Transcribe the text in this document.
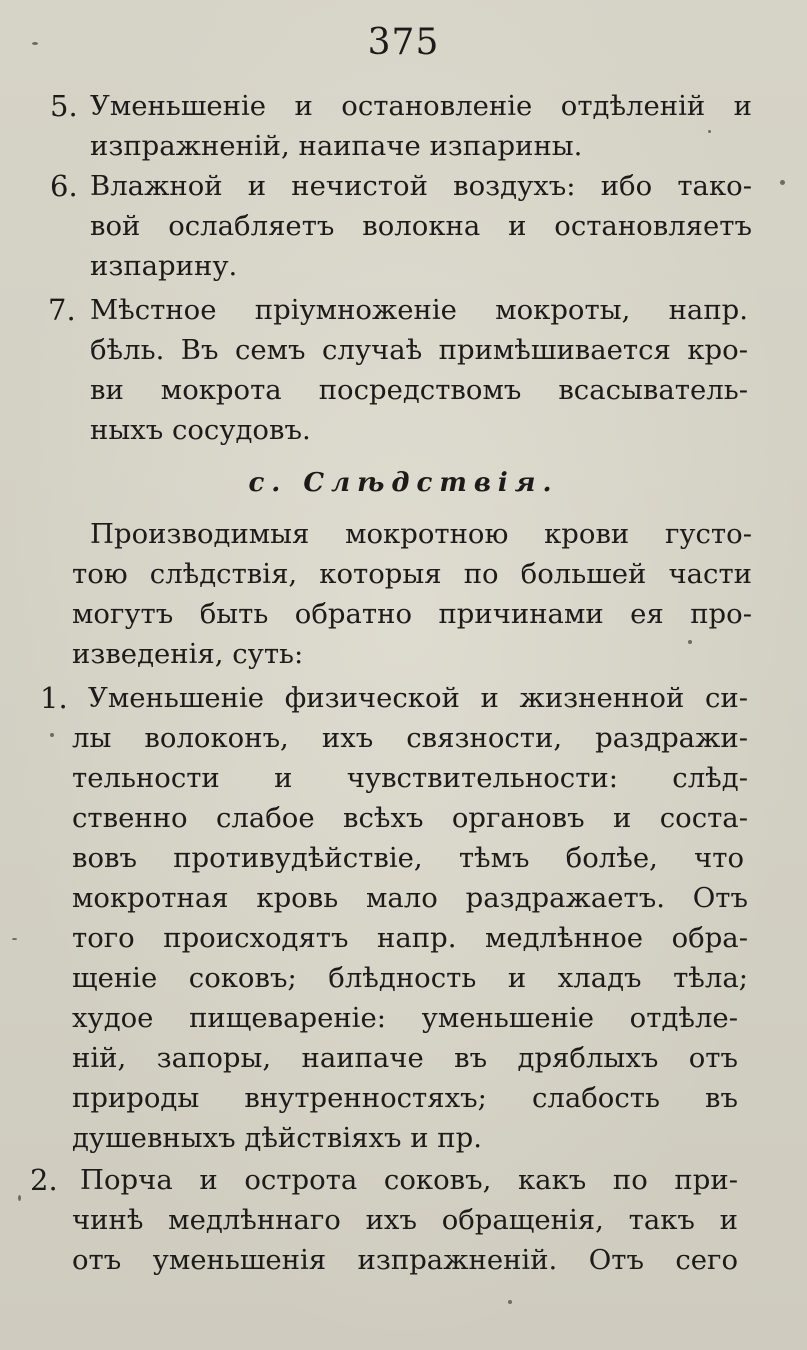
375
5. Уменьшеніе и остановленіе отдѣленій и
изпражненій, наипаче изпарины.
6. Влажной и нечистой воздухъ: ибо тако-
вой ослабляетъ волокна и остановляетъ
изпарину.
7. Мѣстное пріумноженіе мокроты, напр.
бѣль. Въ семъ случаѣ примѣшивается кро-
ви мокрота посредствомъ всасыватель-
ныхъ сосудовъ.
c. Слѣдствія.
Производимыя мокротною крови густо-
тою слѣдствія, которыя по большей части
могутъ быть обратно причинами ея про-
изведенія, суть:
1. Уменьшеніе физической и жизненной си-
лы волоконъ, ихъ связности, раздражи-
тельности и чувствительности: слѣд-
ственно слабое всѣхъ органовъ и соста-
вовъ противудѣйствіе, тѣмъ болѣе, что
мокротная кровь мало раздражаетъ. Отъ
того происходятъ напр. медлѣнное обра-
щеніе соковъ; блѣдность и хладъ тѣла;
худое пищевареніе: уменьшеніе отдѣле-
ній, запоры, наипаче въ дряблыхъ отъ
природы внутренностяхъ; слабость въ
душевныхъ дѣйствіяхъ и пр.
2. Порча и острота соковъ, какъ по при-
чинѣ медлѣннаго ихъ обращенія, такъ и
отъ уменьшенія изпражненій. Отъ сего
